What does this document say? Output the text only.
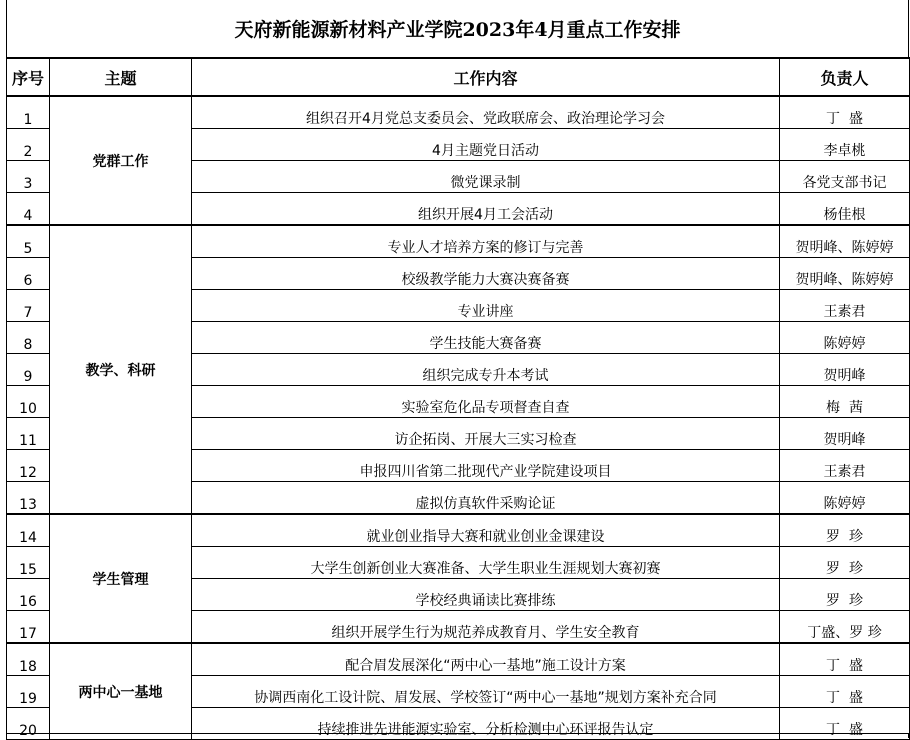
天府新能源新材料产业学院2023年4月重点工作安排
序号	主题	工作内容	负责人
1	党群工作	组织召开4月党总支委员会、党政联席会、政治理论学习会	丁  盛
2		4月主题党日活动	李卓桃
3		微党课录制	各党支部书记
4		组织开展4月工会活动	杨佳根
5	教学、科研	专业人才培养方案的修订与完善	贺明峰、陈婷婷
6		校级教学能力大赛决赛备赛	贺明峰、陈婷婷
7		专业讲座	王素君
8		学生技能大赛备赛	陈婷婷
9		组织完成专升本考试	贺明峰
10		实验室危化品专项督查自查	梅  茜
11		访企拓岗、开展大三实习检查	贺明峰
12		申报四川省第二批现代产业学院建设项目	王素君
13		虚拟仿真软件采购论证	陈婷婷
14	学生管理	就业创业指导大赛和就业创业金课建设	罗  珍
15		大学生创新创业大赛准备、大学生职业生涯规划大赛初赛	罗  珍
16		学校经典诵读比赛排练	罗  珍
17		组织开展学生行为规范养成教育月、学生安全教育	丁盛、罗 珍
18	两中心一基地	配合眉发展深化“两中心一基地”施工设计方案	丁  盛
19		协调西南化工设计院、眉发展、学校签订“两中心一基地”规划方案补充合同	丁  盛
20		持续推进先进能源实验室、分析检测中心环评报告认定	丁  盛
